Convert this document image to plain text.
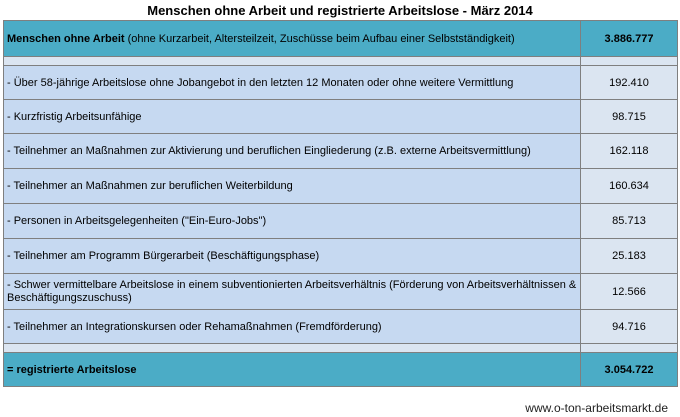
Menschen ohne Arbeit und registrierte Arbeitslose - März 2014
Menschen ohne Arbeit (ohne Kurzarbeit, Altersteilzeit, Zuschüsse beim Aufbau einer Selbstständigkeit)	3.886.777

- Über 58-jährige Arbeitslose ohne Jobangebot in den letzten 12 Monaten oder ohne weitere Vermittlung	192.410
- Kurzfristig Arbeitsunfähige	98.715
- Teilnehmer an Maßnahmen zur Aktivierung und beruflichen Eingliederung (z.B. externe Arbeitsvermittlung)	162.118
- Teilnehmer an Maßnahmen zur beruflichen Weiterbildung	160.634
- Personen in Arbeitsgelegenheiten ("Ein-Euro-Jobs")	85.713
- Teilnehmer am Programm Bürgerarbeit (Beschäftigungsphase)	25.183
- Schwer vermittelbare Arbeitslose in einem subventionierten Arbeitsverhältnis (Förderung von Arbeitsverhältnissen & Beschäftigungszuschuss)	12.566
- Teilnehmer an Integrationskursen oder Rehamaßnahmen (Fremdförderung)	94.716

= registrierte Arbeitslose	3.054.722
www.o-ton-arbeitsmarkt.de
